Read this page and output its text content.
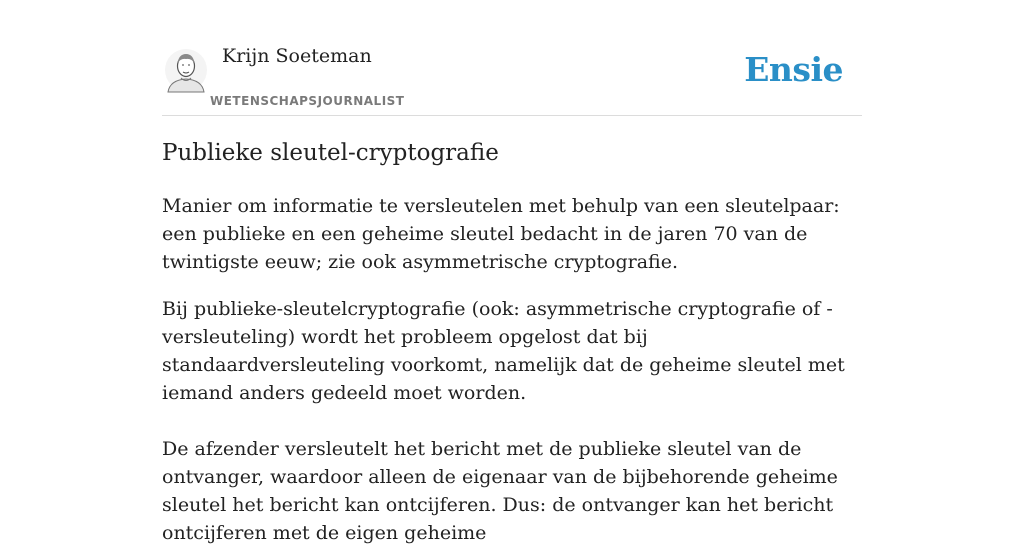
Krijn Soeteman
WETENSCHAPSJOURNALIST
Ensie
Publieke sleutel-cryptografie

Manier om informatie te versleutelen met behulp van een sleutelpaar: een publieke en een geheime sleutel bedacht in de jaren 70 van de twintigste eeuw; zie ook asymmetrische cryptografie.

Bij publieke-sleutelcryptografie (ook: asymmetrische cryptografie of -versleuteling) wordt het probleem opgelost dat bij standaardversleuteling voorkomt, namelijk dat de geheime sleutel met iemand anders gedeeld moet worden.

De afzender versleutelt het bericht met de publieke sleutel van de ontvanger, waardoor alleen de eigenaar van de bijbehorende geheime sleutel het bericht kan ontcijferen. Dus: de ontvanger kan het bericht ontcijferen met de eigen geheime
